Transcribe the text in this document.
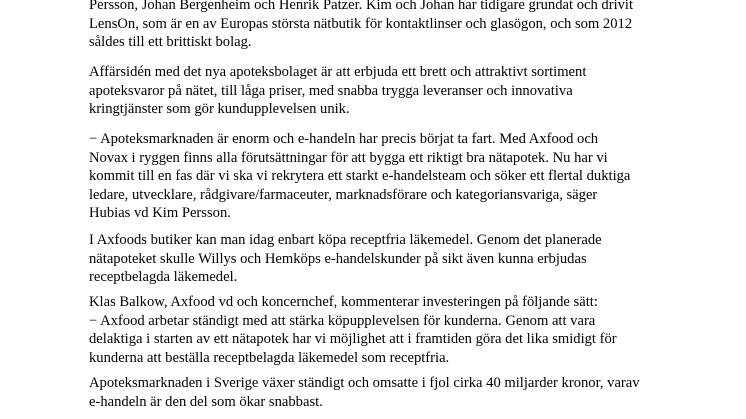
Persson, Johan Bergenheim och Henrik Patzer. Kim och Johan har tidigare grundat och drivit
LensOn, som är en av Europas största nätbutik för kontaktlinser och glasögon, och som 2012
såldes till ett brittiskt bolag.

Affärsidén med det nya apoteksbolaget är att erbjuda ett brett och attraktivt sortiment
apoteksvaror på nätet, till låga priser, med snabba trygga leveranser och innovativa
kringtjänster som gör kundupplevelsen unik.

− Apoteksmarknaden är enorm och e-handeln har precis börjat ta fart. Med Axfood och
Novax i ryggen finns alla förutsättningar för att bygga ett riktigt bra nätapotek. Nu har vi
kommit till en fas där vi ska vi rekrytera ett starkt e-handelsteam och söker ett flertal duktiga
ledare, utvecklare, rådgivare/farmaceuter, marknadsförare och kategoriansvariga, säger
Hubias vd Kim Persson.

I Axfoods butiker kan man idag enbart köpa receptfria läkemedel. Genom det planerade
nätapoteket skulle Willys och Hemköps e-handelskunder på sikt även kunna erbjudas
receptbelagda läkemedel.

Klas Balkow, Axfood vd och koncernchef, kommenterar investeringen på följande sätt:
− Axfood arbetar ständigt med att stärka köpupplevelsen för kunderna. Genom att vara
delaktiga i starten av ett nätapotek har vi möjlighet att i framtiden göra det lika smidigt för
kunderna att beställa receptbelagda läkemedel som receptfria.

Apoteksmarknaden i Sverige växer ständigt och omsatte i fjol cirka 40 miljarder kronor, varav
e-handeln är den del som ökar snabbast.
